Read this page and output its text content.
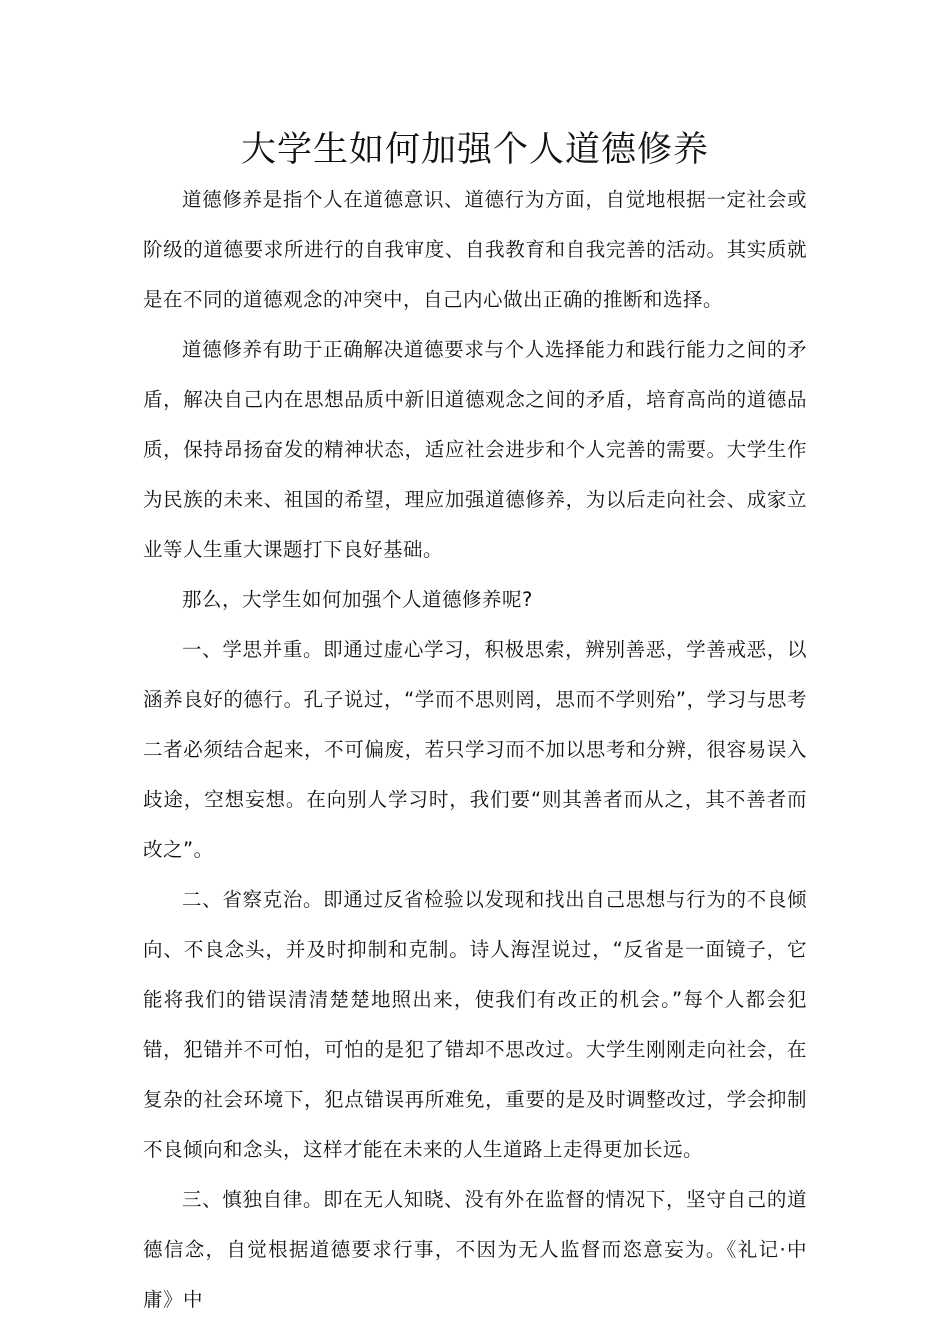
大学生如何加强个人道德修养

道德修养是指个人在道德意识、道德行为方面，自觉地根据一定社会或阶级的道德要求所进行的自我审度、自我教育和自我完善的活动。其实质就是在不同的道德观念的冲突中，自己内心做出正确的推断和选择。

道德修养有助于正确解决道德要求与个人选择能力和践行能力之间的矛盾，解决自己内在思想品质中新旧道德观念之间的矛盾，培育高尚的道德品质，保持昂扬奋发的精神状态，适应社会进步和个人完善的需要。大学生作为民族的未来、祖国的希望，理应加强道德修养，为以后走向社会、成家立业等人生重大课题打下良好基础。

那么，大学生如何加强个人道德修养呢?

一、学思并重。即通过虚心学习，积极思索，辨别善恶，学善戒恶，以涵养良好的德行。孔子说过，“学而不思则罔，思而不学则殆”，学习与思考二者必须结合起来，不可偏废，若只学习而不加以思考和分辨，很容易误入歧途，空想妄想。在向别人学习时，我们要“则其善者而从之，其不善者而改之”。

二、省察克治。即通过反省检验以发现和找出自己思想与行为的不良倾向、不良念头，并及时抑制和克制。诗人海涅说过，“反省是一面镜子，它能将我们的错误清清楚楚地照出来，使我们有改正的机会。”每个人都会犯错，犯错并不可怕，可怕的是犯了错却不思改过。大学生刚刚走向社会，在复杂的社会环境下，犯点错误再所难免，重要的是及时调整改过，学会抑制不良倾向和念头，这样才能在未来的人生道路上走得更加长远。

三、慎独自律。即在无人知晓、没有外在监督的情况下，坚守自己的道德信念，自觉根据道德要求行事，不因为无人监督而恣意妄为。《礼记·中庸》中
